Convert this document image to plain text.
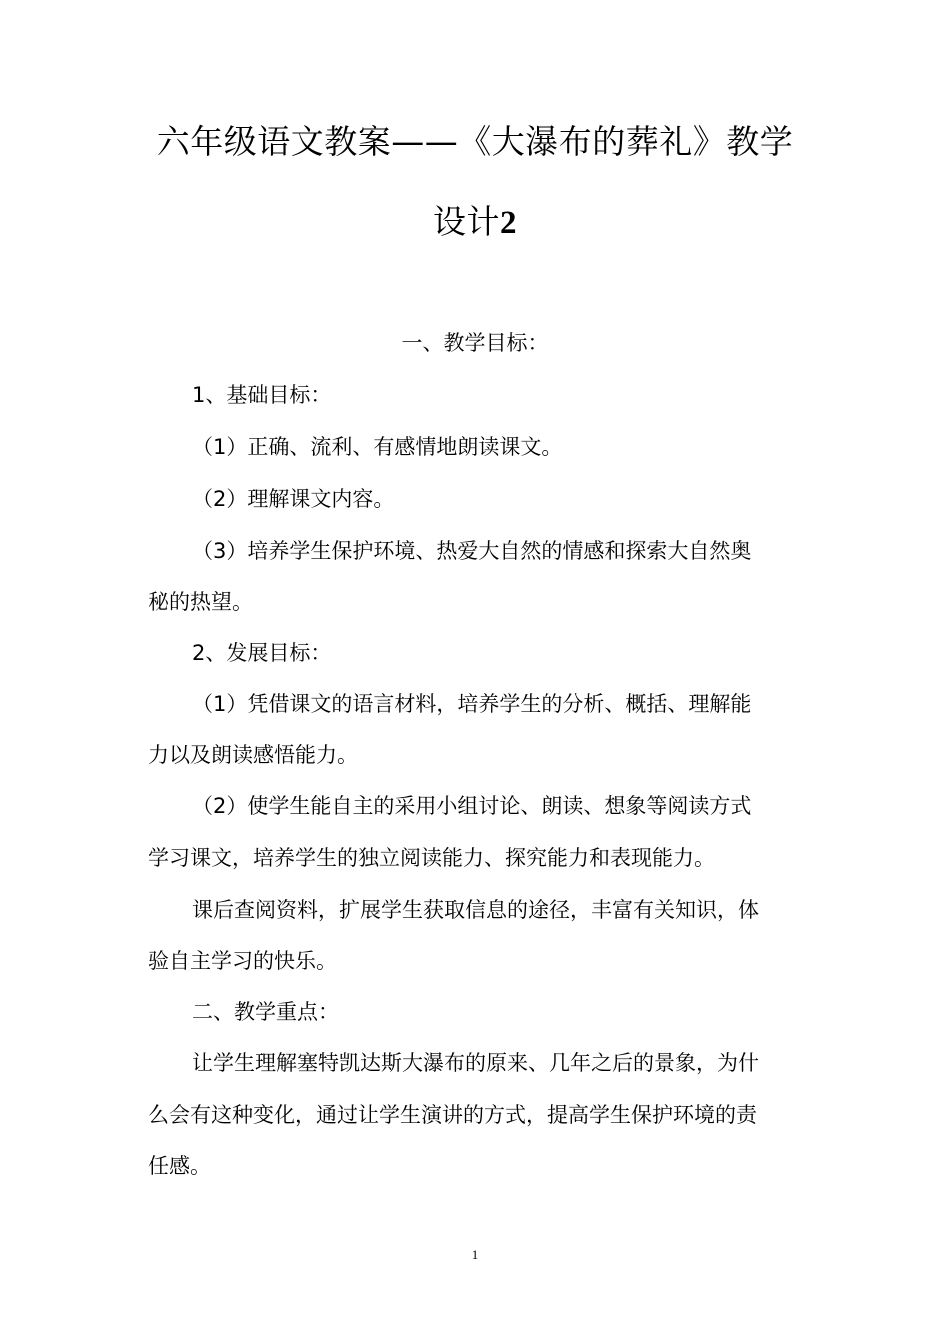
六年级语文教案——《大瀑布的葬礼》教学
设计2

一、教学目标：

1、基础目标：

（1）正确、流利、有感情地朗读课文。

（2）理解课文内容。

（3）培养学生保护环境、热爱大自然的情感和探索大自然奥

秘的热望。

2、发展目标：

（1）凭借课文的语言材料，培养学生的分析、概括、理解能

力以及朗读感悟能力。

（2）使学生能自主的采用小组讨论、朗读、想象等阅读方式

学习课文，培养学生的独立阅读能力、探究能力和表现能力。

课后查阅资料，扩展学生获取信息的途径，丰富有关知识，体

验自主学习的快乐。

二、教学重点：

让学生理解塞特凯达斯大瀑布的原来、几年之后的景象，为什

么会有这种变化，通过让学生演讲的方式，提高学生保护环境的责

任感。

1
